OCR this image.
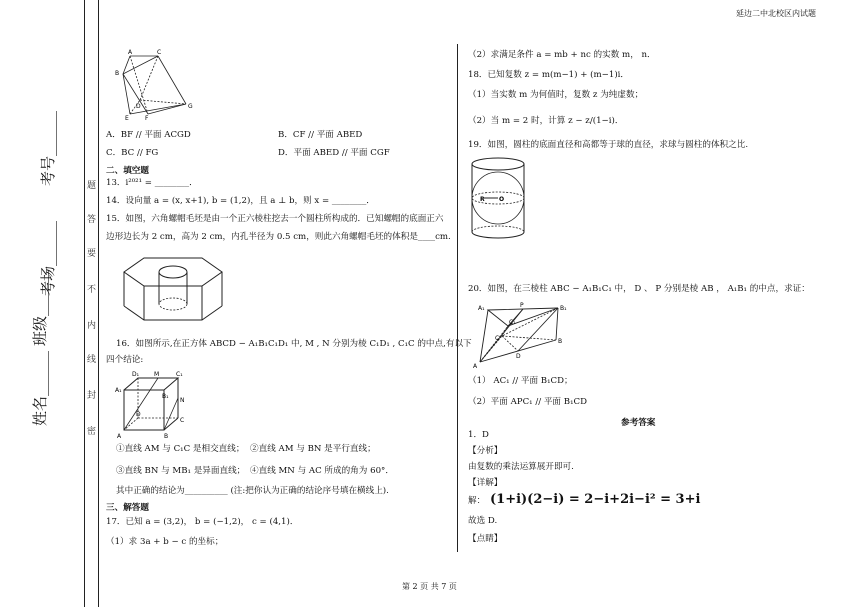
姓名______
班级______
考场______
考号______	题
答
要
不
内
线
封
密
延边二中北校区内试题
第 2 页 共 7 页
A	C
B
G
D
E	F
A．BF // 平面 ACGD	B．CF // 平面 ABED
C．BC // FG	D．平面 ABED // 平面 CGF
二、填空题
13．i²⁰²¹ = ________．
14．设向量 a = (x, x+1), b = (1,2)，且 a ⊥ b，则 x = ________．
15．如图，六角螺帽毛坯是由一个正六棱柱挖去一个圆柱所构成的．已知螺帽的底面正六
边形边长为 2 cm，高为 2 cm，内孔半径为 0.5 cm，则此六角螺帽毛坯的体积是____cm.
16．如图所示,在正方体 ABCD − A₁B₁C₁D₁ 中, M , N 分别为棱 C₁D₁ , C₁C 的中点,有以下
四个结论:
D₁ M	C₁
A₁
B₁
N
D
C
A	B
①直线 AM 与 C₁C 是相交直线； ②直线 AM 与 BN 是平行直线；
③直线 BN 与 MB₁ 是异面直线； ④直线 MN 与 AC 所成的角为 60°．
其中正确的结论为__________ (注:把你认为正确的结论序号填在横线上).
三、解答题
17．已知 a = (3,2)， b = (−1,2)， c = (4,1)．
（1）求 3a + b − c 的坐标；
（2）求满足条件 a = mb + nc 的实数 m， n．
18．已知复数 z = m(m−1) + (m−1)i．
（1）当实数 m 为何值时，复数 z 为纯虚数；
（2）当 m = 2 时，计算 z − z/(1−i)．
19．如图，圆柱的底面直径和高都等于球的直径，求球与圆柱的体积之比.
R O
20．如图，在三棱柱 ABC − A₁B₁C₁ 中， D 、 P 分别是棱 AB ， A₁B₁ 的中点，求证：
A₁	P	B₁
C₁
C
D
B
A
（1） AC₁ // 平面 B₁CD；
（2）平面 APC₁ // 平面 B₁CD
参考答案
1．D
【分析】
由复数的乘法运算展开即可.
【详解】
解： (1+i)(2−i) = 2−i+2i−i² = 3+i
故选 D.
【点睛】
